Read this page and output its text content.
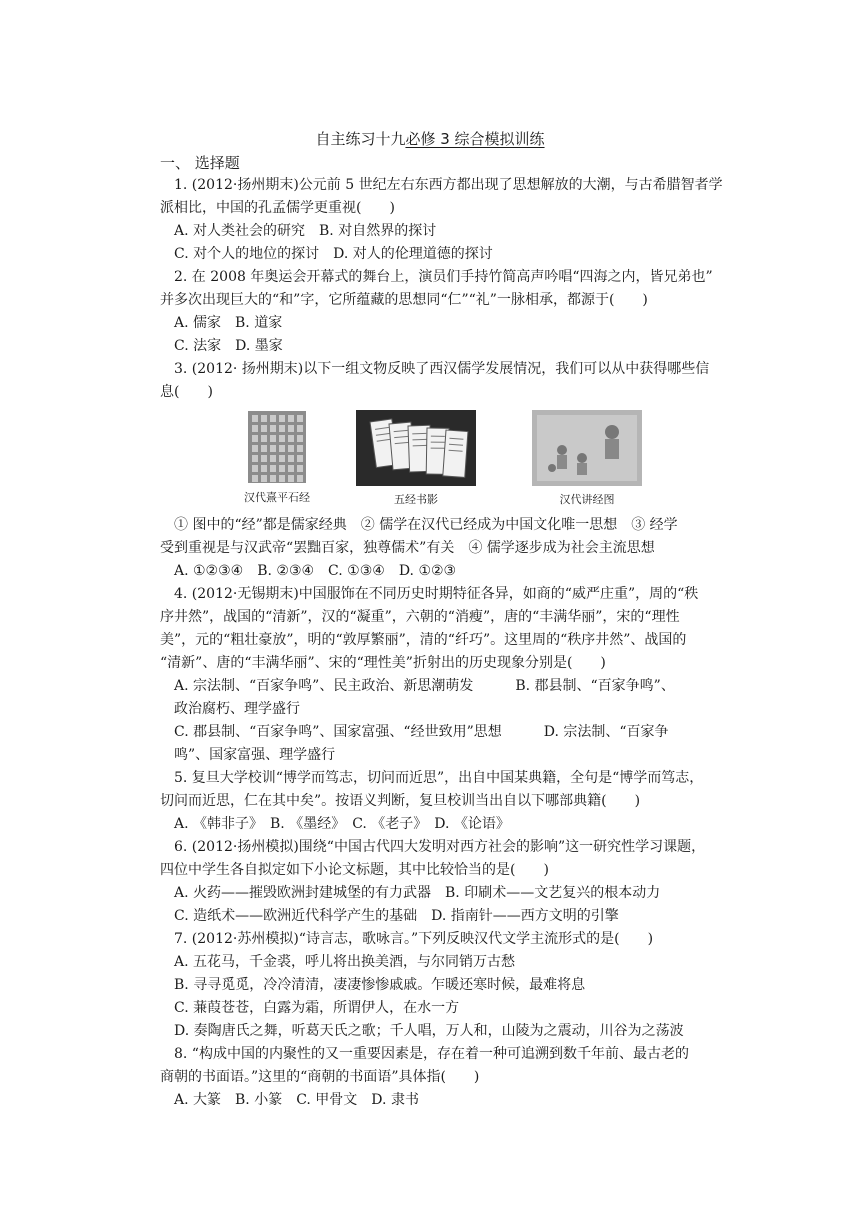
自主练习十九必修 3 综合模拟训练
一、 选择题

1. (2012·扬州期末)公元前 5 世纪左右东西方都出现了思想解放的大潮，与古希腊智者学

派相比，中国的孔孟儒学更重视(　　)

A. 对人类社会的研究　B. 对自然界的探讨

C. 对个人的地位的探讨　D. 对人的伦理道德的探讨

2. 在 2008 年奥运会开幕式的舞台上，演员们手持竹简高声吟唱“四海之内，皆兄弟也”

并多次出现巨大的“和”字，它所蕴藏的思想同“仁”“礼”一脉相承，都源于(　　)

A. 儒家　B. 道家

C. 法家　D. 墨家

3. (2012· 扬州期末)以下一组文物反映了西汉儒学发展情况，我们可以从中获得哪些信

息(　　)

汉代熹平石经	五经书影	汉代讲经图

① 图中的“经”都是儒家经典　② 儒学在汉代已经成为中国文化唯一思想　③ 经学

受到重视是与汉武帝“罢黜百家，独尊儒术”有关　④ 儒学逐步成为社会主流思想

A. ①②③④　B. ②③④　C. ①③④　D. ①②③

4. (2012·无锡期末)中国服饰在不同历史时期特征各异，如商的“威严庄重”，周的“秩

序井然”，战国的“清新”，汉的“凝重”，六朝的“消瘦”，唐的“丰满华丽”，宋的“理性

美”，元的“粗壮豪放”，明的“敦厚繁丽”，清的“纤巧”。这里周的“秩序井然”、战国的

“清新”、唐的“丰满华丽”、宋的“理性美”折射出的历史现象分别是(　　)

A. 宗法制、“百家争鸣”、民主政治、新思潮萌发　　　B. 郡县制、“百家争鸣”、

政治腐朽、理学盛行

C. 郡县制、“百家争鸣”、国家富强、“经世致用”思想　　　D. 宗法制、“百家争

鸣”、国家富强、理学盛行

5. 复旦大学校训“博学而笃志，切问而近思”，出自中国某典籍，全句是“博学而笃志，

切问而近思，仁在其中矣”。按语义判断，复旦校训当出自以下哪部典籍(　　)

A. 《韩非子》　B. 《墨经》　C. 《老子》　D. 《论语》

6. (2012·扬州模拟)围绕“中国古代四大发明对西方社会的影响”这一研究性学习课题，

四位中学生各自拟定如下小论文标题，其中比较恰当的是(　　)

A. 火药——摧毁欧洲封建城堡的有力武器　B. 印刷术——文艺复兴的根本动力

C. 造纸术——欧洲近代科学产生的基础　D. 指南针——西方文明的引擎

7. (2012·苏州模拟)“诗言志，歌咏言。”下列反映汉代文学主流形式的是(　　)

A. 五花马，千金裘，呼儿将出换美酒，与尔同销万古愁

B. 寻寻觅觅，冷冷清清，凄凄惨惨戚戚。乍暖还寒时候，最难将息

C. 蒹葭苍苍，白露为霜，所谓伊人，在水一方

D. 奏陶唐氏之舞，听葛天氏之歌；千人唱，万人和，山陵为之震动，川谷为之荡波

8. “构成中国的内聚性的又一重要因素是，存在着一种可追溯到数千年前、最古老的

商朝的书面语。”这里的“商朝的书面语”具体指(　　)

A. 大篆　B. 小篆　C. 甲骨文　D. 隶书
